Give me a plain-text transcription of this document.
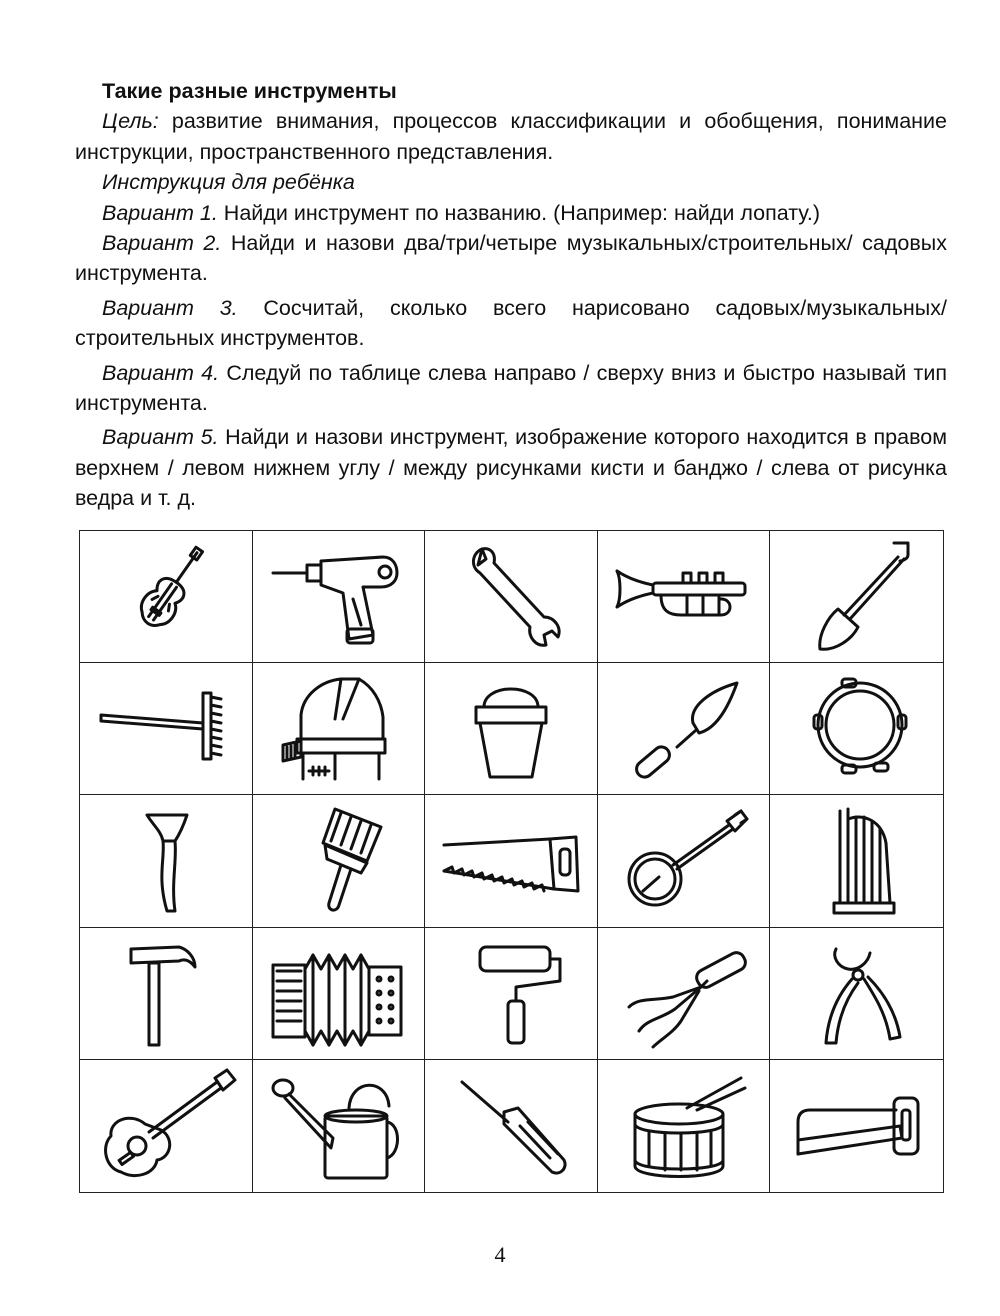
Такие разные инструменты

Цель: развитие внимания, процессов классификации и обобщения, понимание инструкции, пространственного представления.

Инструкция для ребёнка

Вариант 1. Найди инструмент по названию. (Например: найди лопату.)

Вариант 2. Найди и назови два/три/четыре музыкальных/строительных/ садовых инструмента.

Вариант 3. Сосчитай, сколько всего нарисовано садовых/музыкальных/ строительных инструментов.

Вариант 4. Следуй по таблице слева направо / сверху вниз и быстро называй тип инструмента.

Вариант 5. Найди и назови инструмент, изображение которого находится в правом верхнем / левом нижнем углу / между рисунками кисти и банджо / слева от рисунка ведра и т. д.

4
